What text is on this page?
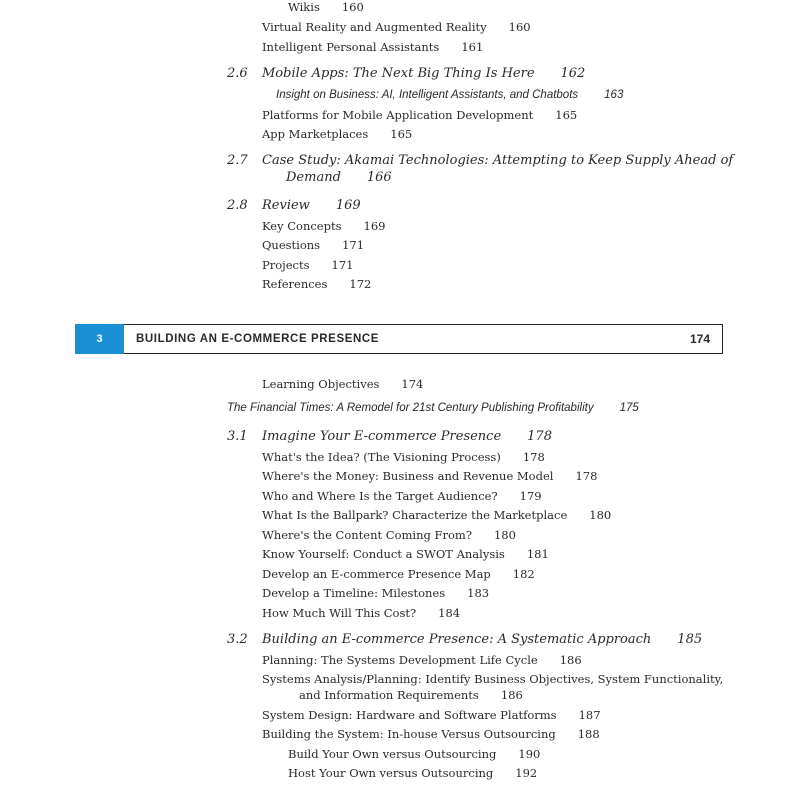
Wikis 160
Virtual Reality and Augmented Reality 160
Intelligent Personal Assistants 161
2.6 Mobile Apps: The Next Big Thing Is Here 162
Insight on Business: AI, Intelligent Assistants, and Chatbots 163
Platforms for Mobile Application Development 165
App Marketplaces 165
2.7 Case Study: Akamai Technologies: Attempting to Keep Supply Ahead of
Demand 166
2.8 Review 169
Key Concepts 169
Questions 171
Projects 171
References 172
3	BUILDING AN E-COMMERCE PRESENCE	174
Learning Objectives 174
The Financial Times: A Remodel for 21st Century Publishing Profitability 175
3.1 Imagine Your E-commerce Presence 178
What's the Idea? (The Visioning Process) 178
Where's the Money: Business and Revenue Model 178
Who and Where Is the Target Audience? 179
What Is the Ballpark? Characterize the Marketplace 180
Where's the Content Coming From? 180
Know Yourself: Conduct a SWOT Analysis 181
Develop an E-commerce Presence Map 182
Develop a Timeline: Milestones 183
How Much Will This Cost? 184
3.2 Building an E-commerce Presence: A Systematic Approach 185
Planning: The Systems Development Life Cycle 186
Systems Analysis/Planning: Identify Business Objectives, System Functionality,
and Information Requirements 186
System Design: Hardware and Software Platforms 187
Building the System: In-house Versus Outsourcing 188
Build Your Own versus Outsourcing 190
Host Your Own versus Outsourcing 192
